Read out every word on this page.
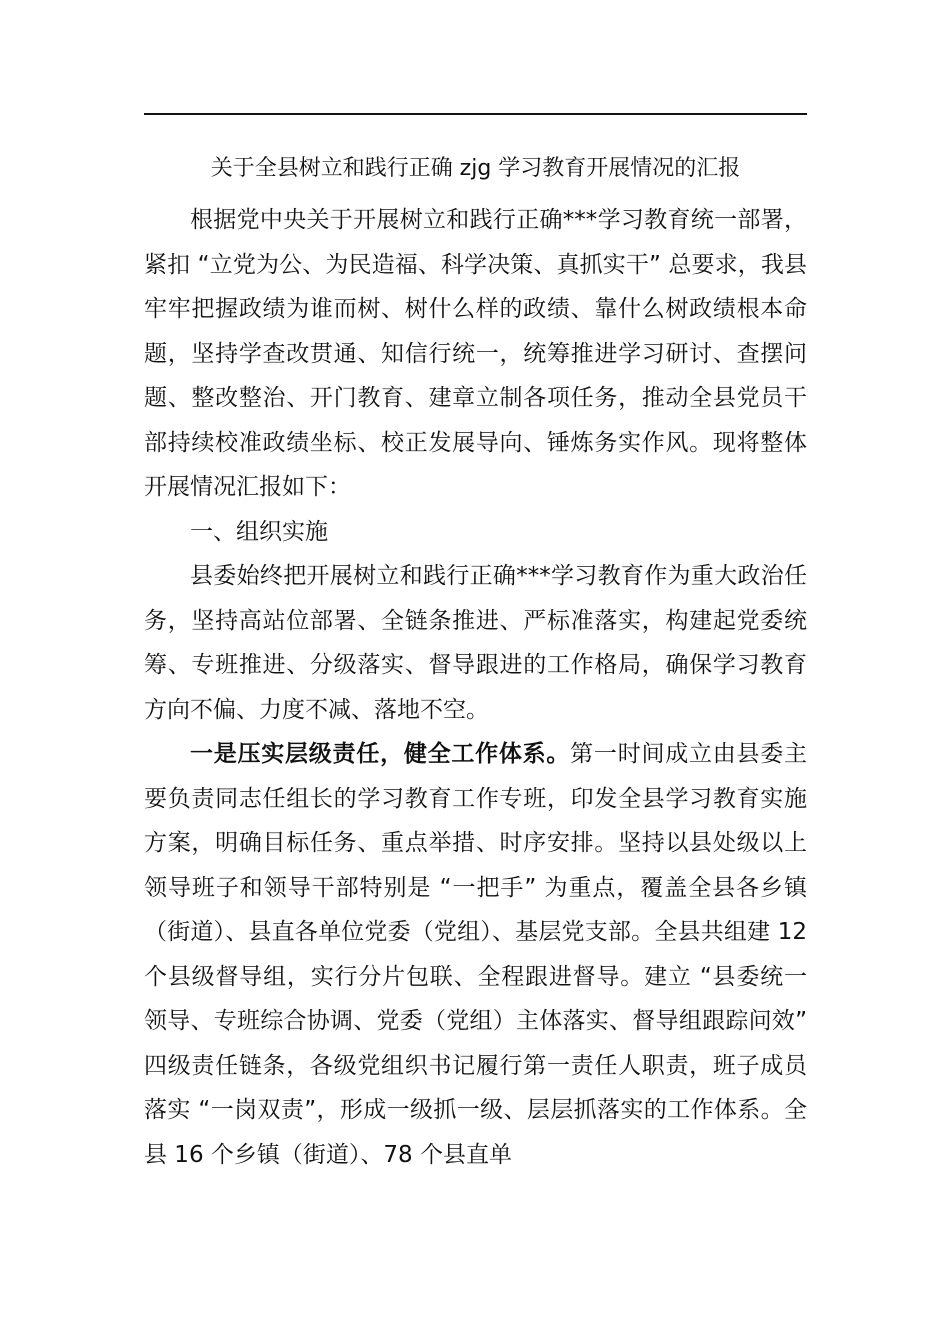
关于全县树立和践行正确 zjg 学习教育开展情况的汇报

根据党中央关于开展树立和践行正确***学习教育统一部署，紧扣 “立党为公、为民造福、科学决策、真抓实干” 总要求，我县牢牢把握政绩为谁而树、树什么样的政绩、靠什么树政绩根本命题，坚持学查改贯通、知信行统一，统筹推进学习研讨、查摆问题、整改整治、开门教育、建章立制各项任务，推动全县党员干部持续校准政绩坐标、校正发展导向、锤炼务实作风。现将整体开展情况汇报如下：

一、组织实施

县委始终把开展树立和践行正确***学习教育作为重大政治任务，坚持高站位部署、全链条推进、严标准落实，构建起党委统筹、专班推进、分级落实、督导跟进的工作格局，确保学习教育方向不偏、力度不减、落地不空。

一是压实层级责任，健全工作体系。第一时间成立由县委主要负责同志任组长的学习教育工作专班，印发全县学习教育实施方案，明确目标任务、重点举措、时序安排。坚持以县处级以上领导班子和领导干部特别是 “一把手” 为重点，覆盖全县各乡镇（街道）、县直各单位党委（党组）、基层党支部。全县共组建 12 个县级督导组，实行分片包联、全程跟进督导。建立 “县委统一领导、专班综合协调、党委（党组）主体落实、督导组跟踪问效” 四级责任链条，各级党组织书记履行第一责任人职责，班子成员落实 “一岗双责”，形成一级抓一级、层层抓落实的工作体系。全县 16 个乡镇（街道）、78 个县直单
